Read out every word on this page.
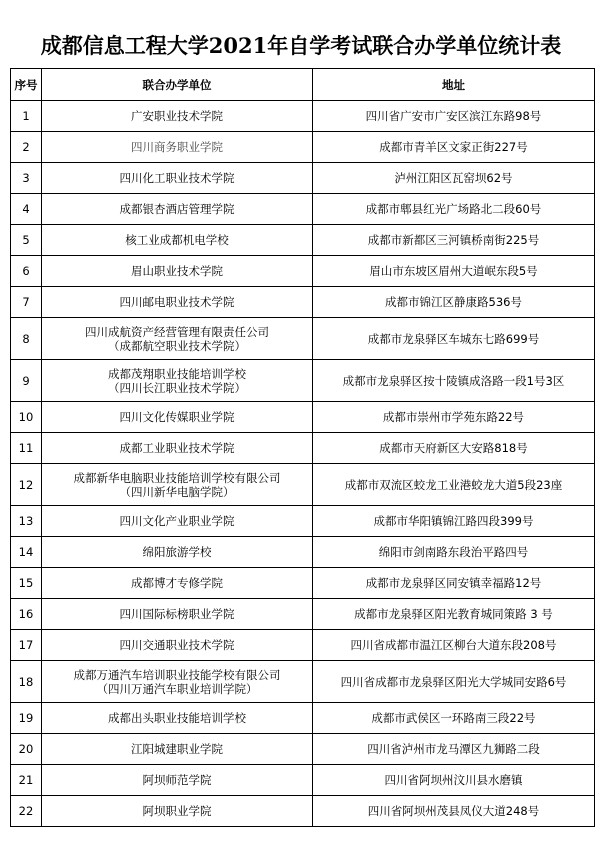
成都信息工程大学2021年自学考试联合办学单位统计表
序号	联合办学单位	地址
1	广安职业技术学院	四川省广安市广安区滨江东路98号
2	四川商务职业学院	成都市青羊区文家正街227号
3	四川化工职业技术学院	泸州江阳区瓦窑坝62号
4	成都银杏酒店管理学院	成都市郫县红光广场路北二段60号
5	核工业成都机电学校	成都市新都区三河镇桥南街225号
6	眉山职业技术学院	眉山市东坡区眉州大道岷东段5号
7	四川邮电职业技术学院	成都市锦江区静康路536号
8	四川成航资产经营管理有限责任公司
（成都航空职业技术学院）	成都市龙泉驿区车城东七路699号
9	成都茂翔职业技能培训学校
（四川长江职业技术学院）	成都市龙泉驿区按十陵镇成洛路一段1号3区
10	四川文化传媒职业学院	成都市崇州市学苑东路22号
11	成都工业职业技术学院	成都市天府新区大安路818号
12	成都新华电脑职业技能培训学校有限公司
（四川新华电脑学院）	成都市双流区蛟龙工业港蛟龙大道5段23座
13	四川文化产业职业学院	成都市华阳镇锦江路四段399号
14	绵阳旅游学校	绵阳市剑南路东段治平路四号
15	成都博才专修学院	成都市龙泉驿区同安镇幸福路12号
16	四川国际标榜职业学院	成都市龙泉驿区阳光教育城同策路 3 号
17	四川交通职业技术学院	四川省成都市温江区柳台大道东段208号
18	成都万通汽车培训职业技能学校有限公司
（四川万通汽车职业培训学院）	四川省成都市龙泉驿区阳光大学城同安路6号
19	成都出头职业技能培训学校	成都市武侯区一环路南三段22号
20	江阳城建职业学院	四川省泸州市龙马潭区九狮路二段
21	阿坝师范学院	四川省阿坝州汶川县水磨镇
22	阿坝职业学院	四川省阿坝州茂县凤仪大道248号
